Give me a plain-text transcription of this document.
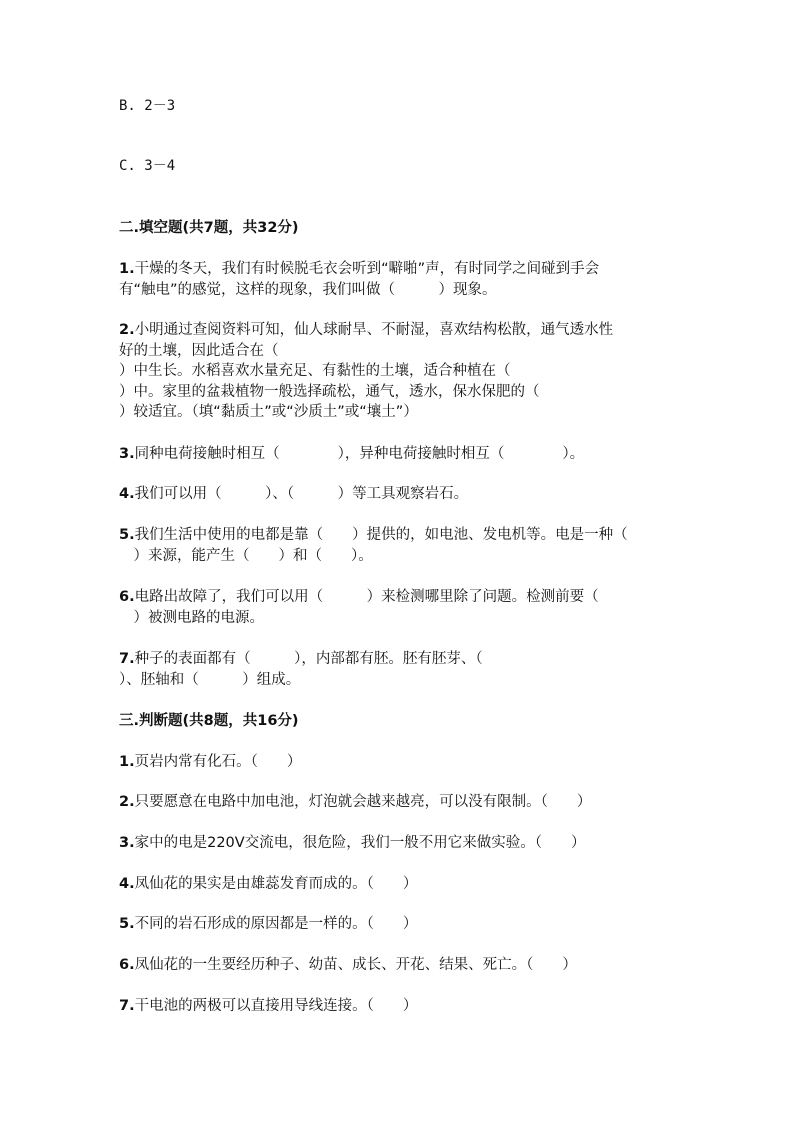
B. 2－3
C. 3－4
二.填空题(共7题，共32分)
1.干燥的冬天，我们有时候脱毛衣会听到“噼啪”声，有时同学之间碰到手会
有“触电”的感觉，这样的现象，我们叫做（　　　）现象。
2.小明通过查阅资料可知，仙人球耐旱、不耐湿，喜欢结构松散，通气透水性
好的土壤，因此适合在（
）中生长。水稻喜欢水量充足、有黏性的土壤，适合种植在（
）中。家里的盆栽植物一般选择疏松，通气，透水，保水保肥的（
）较适宜。（填“黏质土”或“沙质土”或“壤土”）
3.同种电荷接触时相互（　　　　），异种电荷接触时相互（　　　　）。
4.我们可以用（　　　）、（　　　）等工具观察岩石。
5.我们生活中使用的电都是靠（　　）提供的，如电池、发电机等。电是一种（
　）来源，能产生（　　）和（　　）。
6.电路出故障了，我们可以用（　　　）来检测哪里除了问题。检测前要（
　）被测电路的电源。
7.种子的表面都有（　　　），内部都有胚。胚有胚芽、（
）、胚轴和（　　　）组成。
三.判断题(共8题，共16分)
1.页岩内常有化石。（　　）
2.只要愿意在电路中加电池，灯泡就会越来越亮，可以没有限制。（　　）
3.家中的电是220V交流电，很危险，我们一般不用它来做实验。（　　）
4.凤仙花的果实是由雄蕊发育而成的。（　　）
5.不同的岩石形成的原因都是一样的。（　　）
6.凤仙花的一生要经历种子、幼苗、成长、开花、结果、死亡。（　　）
7.干电池的两极可以直接用导线连接。（　　）
